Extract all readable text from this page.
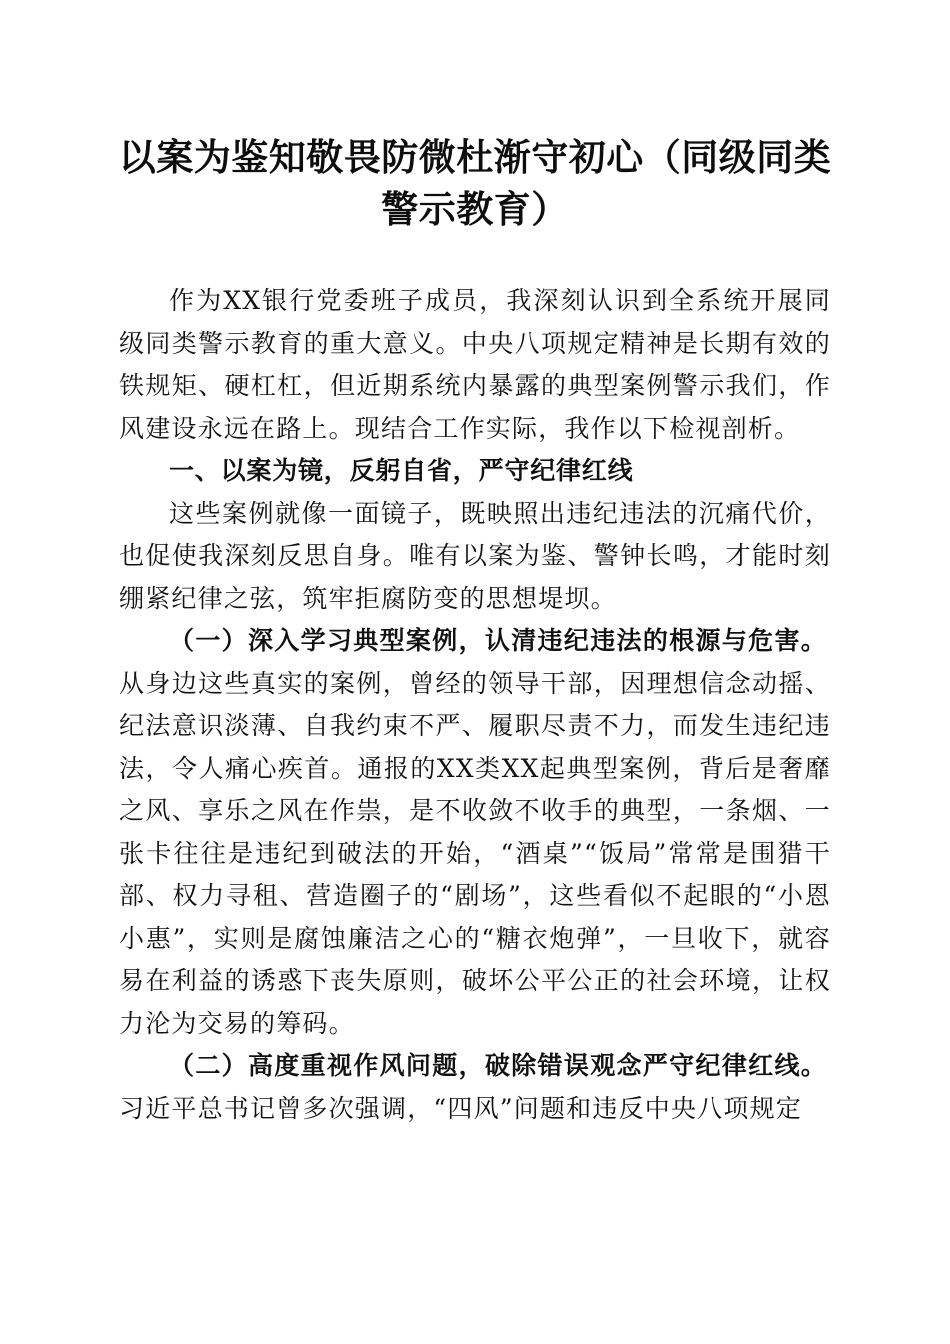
以案为鉴知敬畏防微杜渐守初心（同级同类警示教育）

作为XX银行党委班子成员，我深刻认识到全系统开展同级同类警示教育的重大意义。中央八项规定精神是长期有效的铁规矩、硬杠杠，但近期系统内暴露的典型案例警示我们，作风建设永远在路上。现结合工作实际，我作以下检视剖析。

一、以案为镜，反躬自省，严守纪律红线

这些案例就像一面镜子，既映照出违纪违法的沉痛代价，也促使我深刻反思自身。唯有以案为鉴、警钟长鸣，才能时刻绷紧纪律之弦，筑牢拒腐防变的思想堤坝。

（一）深入学习典型案例，认清违纪违法的根源与危害。从身边这些真实的案例，曾经的领导干部，因理想信念动摇、纪法意识淡薄、自我约束不严、履职尽责不力，而发生违纪违法，令人痛心疾首。通报的XX类XX起典型案例，背后是奢靡之风、享乐之风在作祟，是不收敛不收手的典型，一条烟、一张卡往往是违纪到破法的开始，“酒桌”“饭局”常常是围猎干部、权力寻租、营造圈子的“剧场”，这些看似不起眼的“小恩小惠”，实则是腐蚀廉洁之心的“糖衣炮弹”，一旦收下，就容易在利益的诱惑下丧失原则，破坏公平公正的社会环境，让权力沦为交易的筹码。

（二）高度重视作风问题，破除错误观念严守纪律红线。习近平总书记曾多次强调，“四风”问题和违反中央八项规定
